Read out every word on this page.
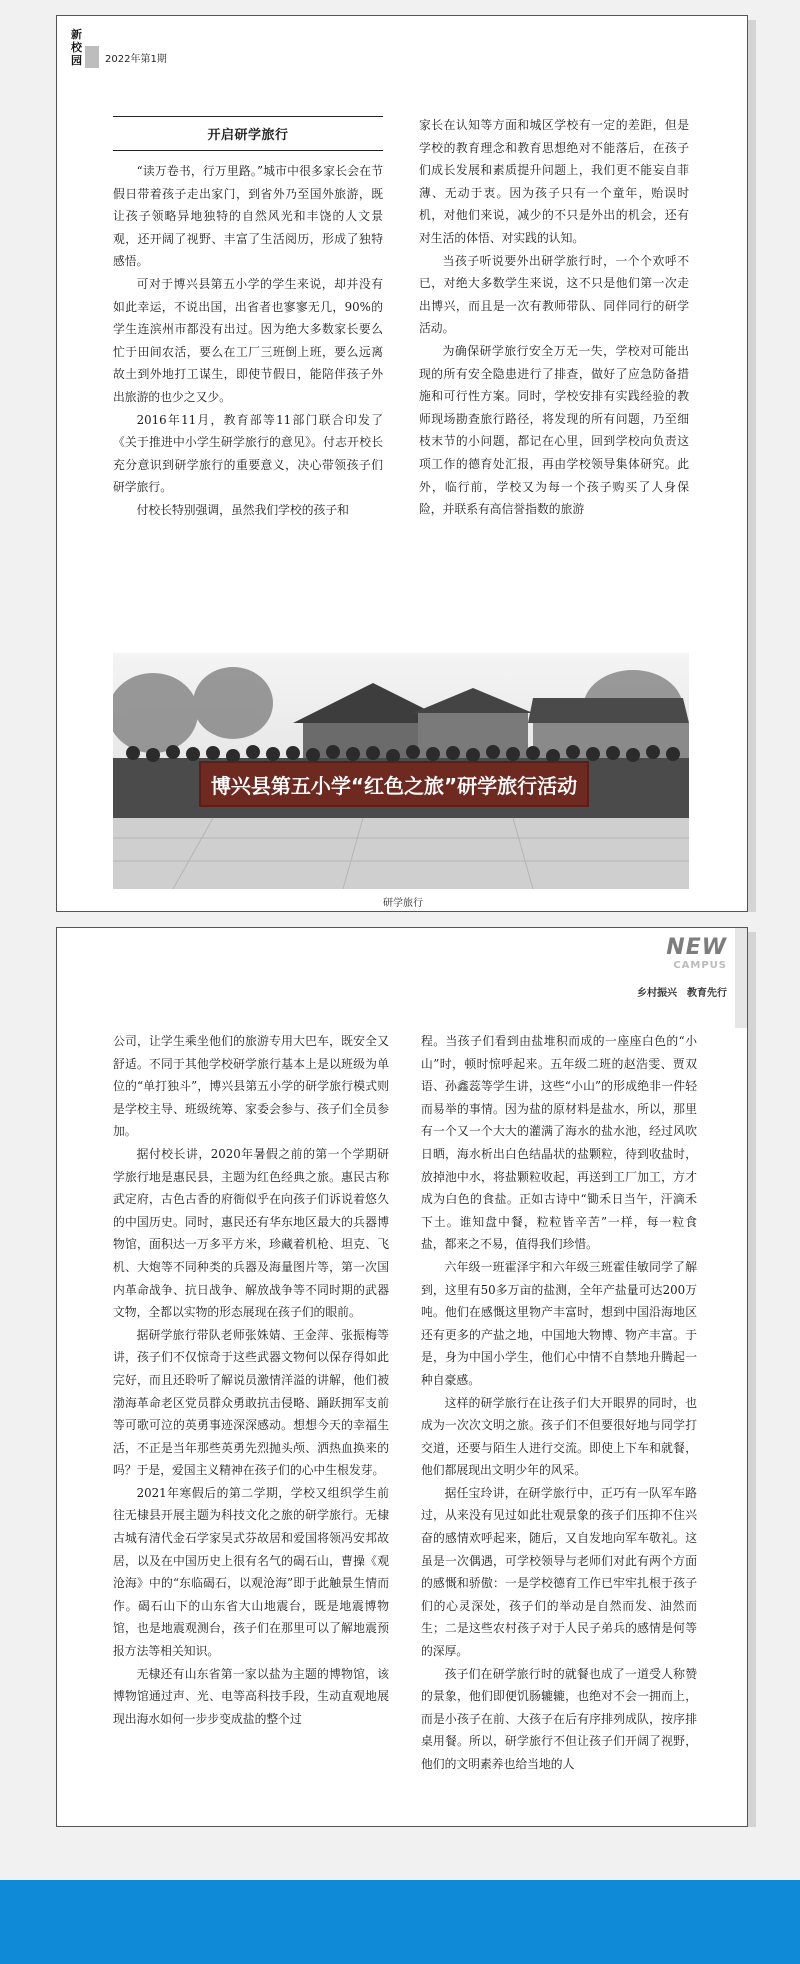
新
校
园	2022年第1期
开启研学旅行

“读万卷书，行万里路。”城市中很多家长会在节假日带着孩子走出家门，到省外乃至国外旅游，既让孩子领略异地独特的自然风光和丰饶的人文景观，还开阔了视野、丰富了生活阅历，形成了独特感悟。

可对于博兴县第五小学的学生来说，却并没有如此幸运，不说出国，出省者也寥寥无几，90%的学生连滨州市都没有出过。因为绝大多数家长要么忙于田间农活，要么在工厂三班倒上班，要么远离故土到外地打工谋生，即使节假日，能陪伴孩子外出旅游的也少之又少。

2016年11月，教育部等11部门联合印发了《关于推进中小学生研学旅行的意见》。付志开校长充分意识到研学旅行的重要意义，决心带领孩子们研学旅行。

付校长特别强调，虽然我们学校的孩子和

家长在认知等方面和城区学校有一定的差距，但是学校的教育理念和教育思想绝对不能落后，在孩子们成长发展和素质提升问题上，我们更不能妄自菲薄、无动于衷。因为孩子只有一个童年，贻误时机，对他们来说，减少的不只是外出的机会，还有对生活的体悟、对实践的认知。

当孩子听说要外出研学旅行时，一个个欢呼不已，对绝大多数学生来说，这不只是他们第一次走出博兴，而且是一次有教师带队、同伴同行的研学活动。

为确保研学旅行安全万无一失，学校对可能出现的所有安全隐患进行了排查，做好了应急防备措施和可行性方案。同时，学校安排有实践经验的教师现场勘查旅行路径，将发现的所有问题，乃至细枝末节的小问题，都记在心里，回到学校向负责这项工作的德育处汇报，再由学校领导集体研究。此外，临行前，学校又为每一个孩子购买了人身保险，并联系有高信誉指数的旅游

博兴县第五小学“红色之旅”研学旅行活动
研学旅行
NEW
CAMPUS
乡村振兴　教育先行

公司，让学生乘坐他们的旅游专用大巴车，既安全又舒适。不同于其他学校研学旅行基本上是以班级为单位的“单打独斗”，博兴县第五小学的研学旅行模式则是学校主导、班级统筹、家委会参与、孩子们全员参加。

据付校长讲，2020年暑假之前的第一个学期研学旅行地是惠民县，主题为红色经典之旅。惠民古称武定府，古色古香的府衙似乎在向孩子们诉说着悠久的中国历史。同时，惠民还有华东地区最大的兵器博物馆，面积达一万多平方米，珍藏着机枪、坦克、飞机、大炮等不同种类的兵器及海量图片等，第一次国内革命战争、抗日战争、解放战争等不同时期的武器文物，全都以实物的形态展现在孩子们的眼前。

据研学旅行带队老师张姝婧、王金萍、张振梅等讲，孩子们不仅惊奇于这些武器文物何以保存得如此完好，而且还聆听了解说员激情洋溢的讲解，他们被渤海革命老区党员群众勇敢抗击侵略、踊跃拥军支前等可歌可泣的英勇事迹深深感动。想想今天的幸福生活，不正是当年那些英勇先烈抛头颅、洒热血换来的吗？于是，爱国主义精神在孩子们的心中生根发芽。

2021年寒假后的第二学期，学校又组织学生前往无棣县开展主题为科技文化之旅的研学旅行。无棣古城有清代金石学家吴式芬故居和爱国将领冯安邦故居，以及在中国历史上很有名气的碣石山，曹操《观沧海》中的“东临碣石，以观沧海”即于此触景生情而作。碣石山下的山东省大山地震台，既是地震博物馆，也是地震观测台，孩子们在那里可以了解地震预报方法等相关知识。

无棣还有山东省第一家以盐为主题的博物馆，该博物馆通过声、光、电等高科技手段，生动直观地展现出海水如何一步步变成盐的整个过

程。当孩子们看到由盐堆积而成的一座座白色的“小山”时，顿时惊呼起来。五年级二班的赵浩雯、贾双语、孙鑫蕊等学生讲，这些“小山”的形成绝非一件轻而易举的事情。因为盐的原材料是盐水，所以，那里有一个又一个大大的灌满了海水的盐水池，经过风吹日晒，海水析出白色结晶状的盐颗粒，待到收盐时，放掉池中水，将盐颗粒收起，再送到工厂加工，方才成为白色的食盐。正如古诗中“锄禾日当午，汗滴禾下土。谁知盘中餐，粒粒皆辛苦”一样，每一粒食盐，都来之不易，值得我们珍惜。

六年级一班霍泽宇和六年级三班霍佳敏同学了解到，这里有50多万亩的盐测，全年产盐量可达200万吨。他们在感慨这里物产丰富时，想到中国沿海地区还有更多的产盐之地，中国地大物博、物产丰富。于是，身为中国小学生，他们心中情不自禁地升腾起一种自豪感。

这样的研学旅行在让孩子们大开眼界的同时，也成为一次次文明之旅。孩子们不但要很好地与同学打交道，还要与陌生人进行交流。即使上下车和就餐，他们都展现出文明少年的风采。

据任宝玲讲，在研学旅行中，正巧有一队军车路过，从来没有见过如此壮观景象的孩子们压抑不住兴奋的感情欢呼起来，随后，又自发地向军车敬礼。这虽是一次偶遇，可学校领导与老师们对此有两个方面的感慨和骄傲：一是学校德育工作已牢牢扎根于孩子们的心灵深处，孩子们的举动是自然而发、油然而生；二是这些农村孩子对于人民子弟兵的感情是何等的深厚。

孩子们在研学旅行时的就餐也成了一道受人称赞的景象，他们即便饥肠辘辘，也绝对不会一拥而上，而是小孩子在前、大孩子在后有序排列成队，按序排桌用餐。所以，研学旅行不但让孩子们开阔了视野，他们的文明素养也给当地的人
